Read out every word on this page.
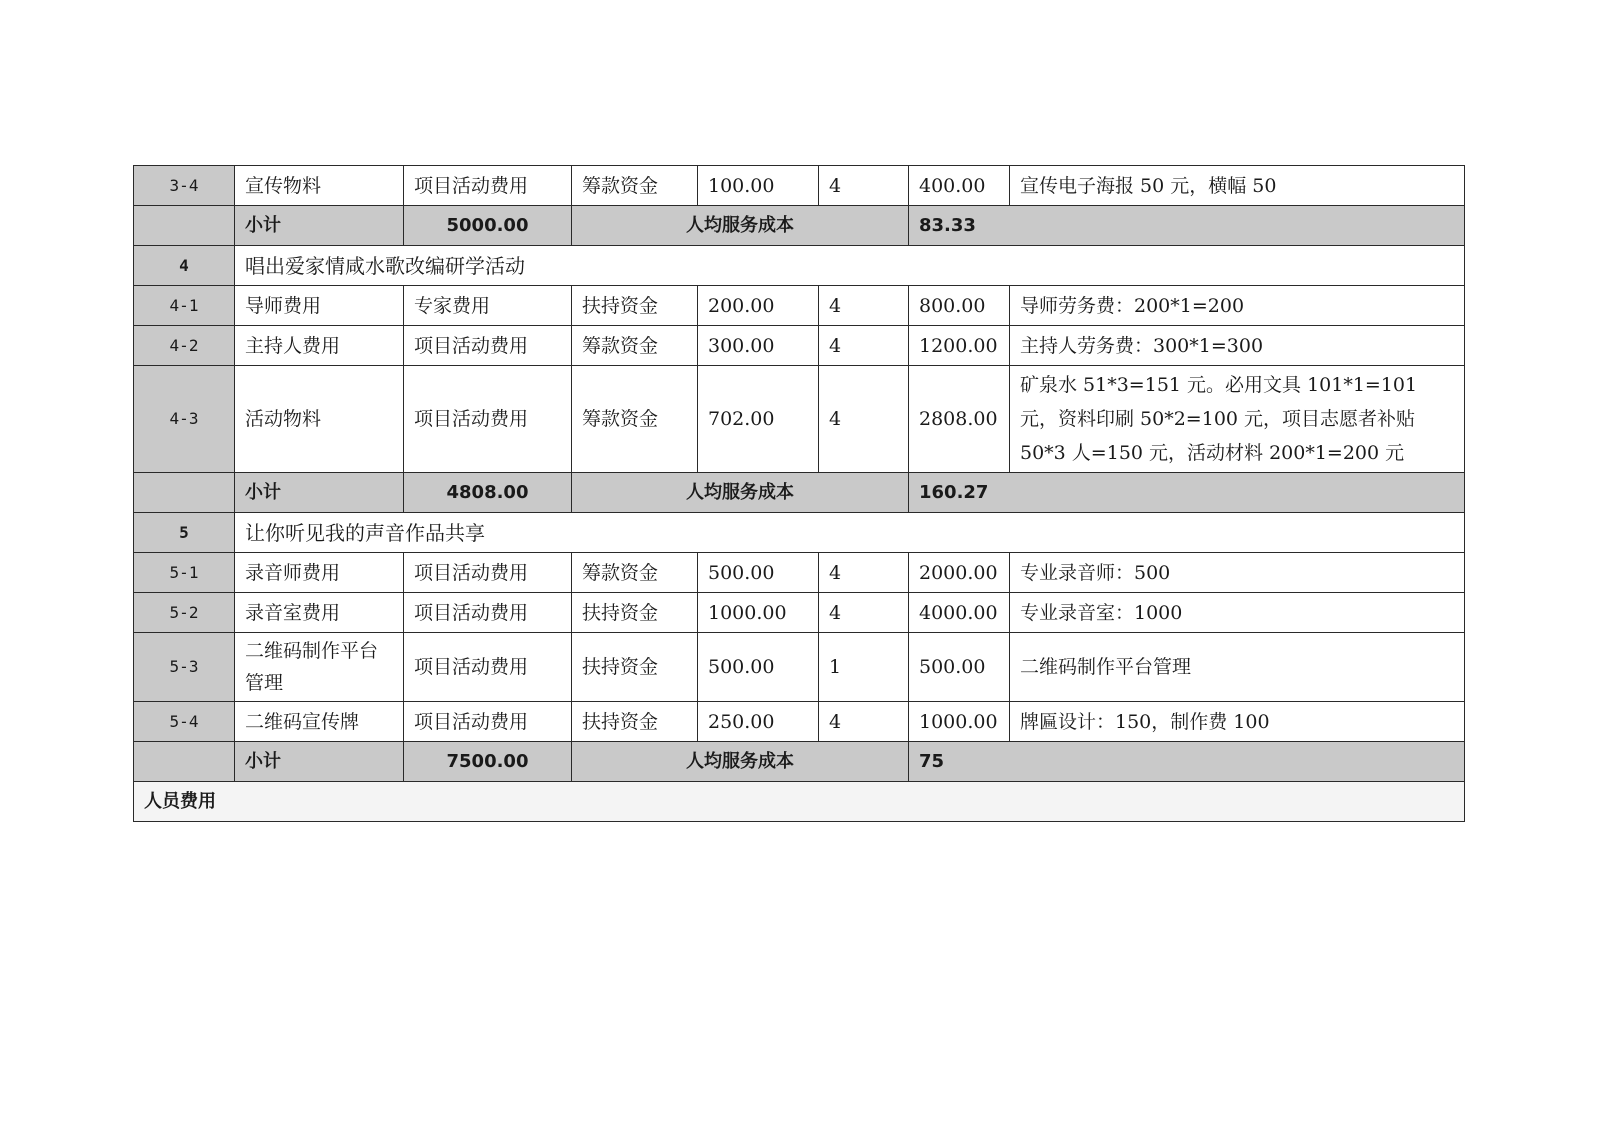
3-4	宣传物料	项目活动费用	筹款资金	100.00	4	400.00	宣传电子海报 50 元，横幅 50
	小计	5000.00	人均服务成本			83.33	
4	唱出爱家情咸水歌改编研学活动						
4-1	导师费用	专家费用	扶持资金	200.00	4	800.00	导师劳务费：200*1=200
4-2	主持人费用	项目活动费用	筹款资金	300.00	4	1200.00	主持人劳务费：300*1=300
4-3	活动物料	项目活动费用	筹款资金	702.00	4	2808.00	矿泉水 51*3=151 元。必用文具 101*1=101 元，资料印刷 50*2=100 元，项目志愿者补贴 50*3 人=150 元，活动材料 200*1=200 元
	小计	4808.00	人均服务成本			160.27	
5	让你听见我的声音作品共享						
5-1	录音师费用	项目活动费用	筹款资金	500.00	4	2000.00	专业录音师：500
5-2	录音室费用	项目活动费用	扶持资金	1000.00	4	4000.00	专业录音室：1000
5-3	二维码制作平台管理	项目活动费用	扶持资金	500.00	1	500.00	二维码制作平台管理
5-4	二维码宣传牌	项目活动费用	扶持资金	250.00	4	1000.00	牌匾设计：150，制作费 100
	小计	7500.00	人均服务成本			75	
人员费用							
